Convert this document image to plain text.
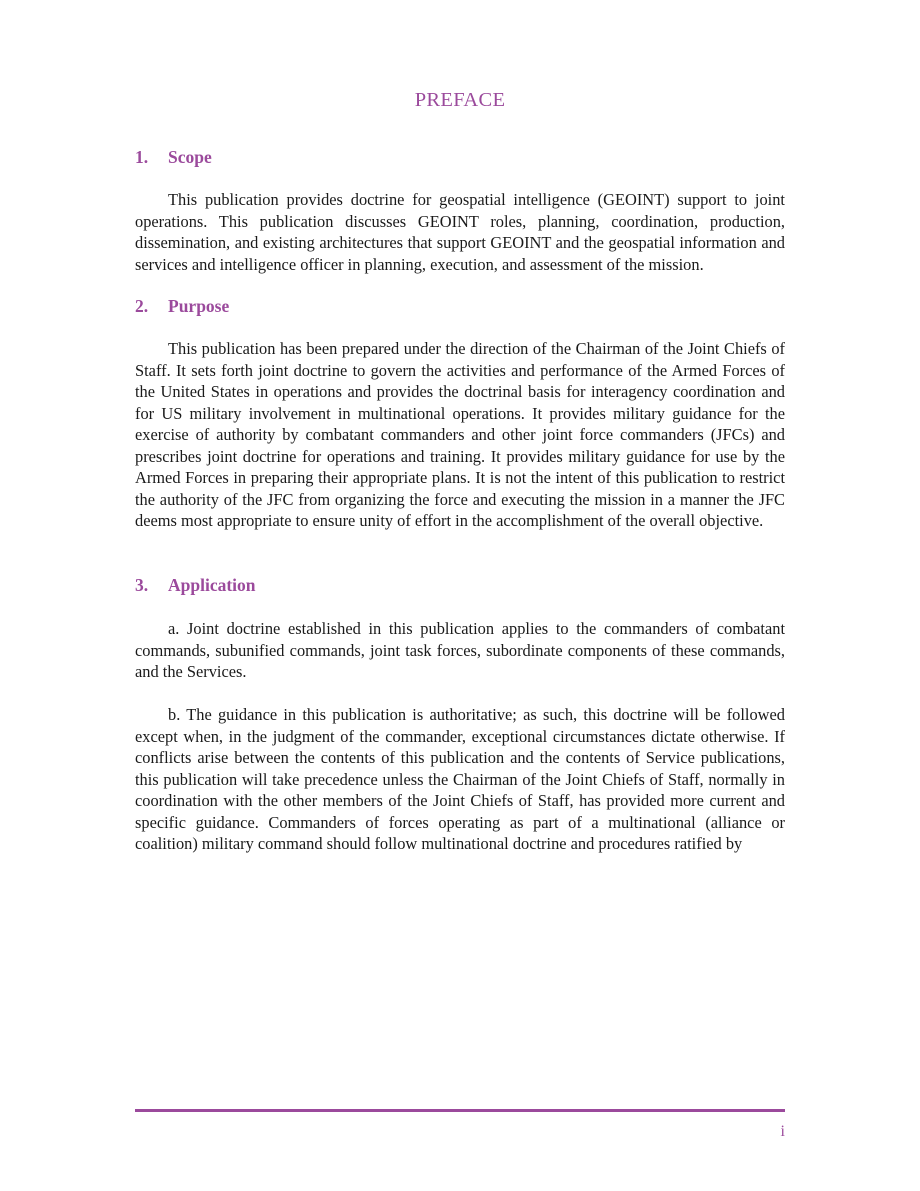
PREFACE
1. Scope

This publication provides doctrine for geospatial intelligence (GEOINT) support to joint operations. This publication discusses GEOINT roles, planning, coordination, production, dissemination, and existing architectures that support GEOINT and the geospatial information and services and intelligence officer in planning, execution, and assessment of the mission.

2. Purpose

This publication has been prepared under the direction of the Chairman of the Joint Chiefs of Staff. It sets forth joint doctrine to govern the activities and performance of the Armed Forces of the United States in operations and provides the doctrinal basis for interagency coordination and for US military involvement in multinational operations. It provides military guidance for the exercise of authority by combatant commanders and other joint force commanders (JFCs) and prescribes joint doctrine for operations and training. It provides military guidance for use by the Armed Forces in preparing their appropriate plans. It is not the intent of this publication to restrict the authority of the JFC from organizing the force and executing the mission in a manner the JFC deems most appropriate to ensure unity of effort in the accomplishment of the overall objective.

3. Application

a. Joint doctrine established in this publication applies to the commanders of combatant commands, subunified commands, joint task forces, subordinate components of these commands, and the Services.

b. The guidance in this publication is authoritative; as such, this doctrine will be followed except when, in the judgment of the commander, exceptional circumstances dictate otherwise. If conflicts arise between the contents of this publication and the contents of Service publications, this publication will take precedence unless the Chairman of the Joint Chiefs of Staff, normally in coordination with the other members of the Joint Chiefs of Staff, has provided more current and specific guidance. Commanders of forces operating as part of a multinational (alliance or coalition) military command should follow multinational doctrine and procedures ratified by

i
